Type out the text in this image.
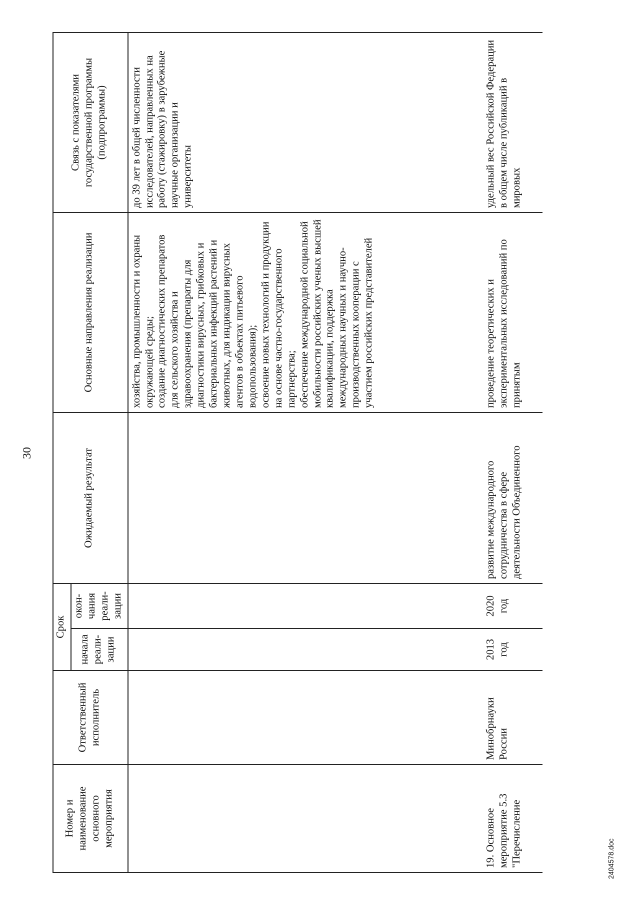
30
Номер и наименование основного мероприятия	Ответственный исполнитель	Срок		Ожидаемый результат	Основные направления реализации	Связь с показателями государственной программы (подпрограммы)
		начала реали-зации	окон-чания реали-зации			

					хозяйства, промышленности и охраны окружающей среды; создание диагностических препаратов для сельского хозяйства и здравоохранения (препараты для диагностики вирусных, грибковых и бактериальных инфекций растений и животных, для индикации вирусных агентов в объектах питьевого водопользования); освоение новых технологий и продукции на основе частно-государственного партнерства; обеспечение международной социальной мобильности российских ученых высшей квалификации, поддержка международных научных и научно-производственных кооперации с участием российских представителей	до 39 лет в общей численности исследователей, направленных на работу (стажировку) в зарубежные научные организации и университеты
19. Основное мероприятие 5.3 "Перечисление	Минобрнауки России	2013 год	2020 год	развитие международного сотрудничества в сфере деятельности Объединенного	проведение теоретических и экспериментальных исследований по принятым	удельный вес Российской Федерации в общем числе публикаций в мировых
2404578.doc
